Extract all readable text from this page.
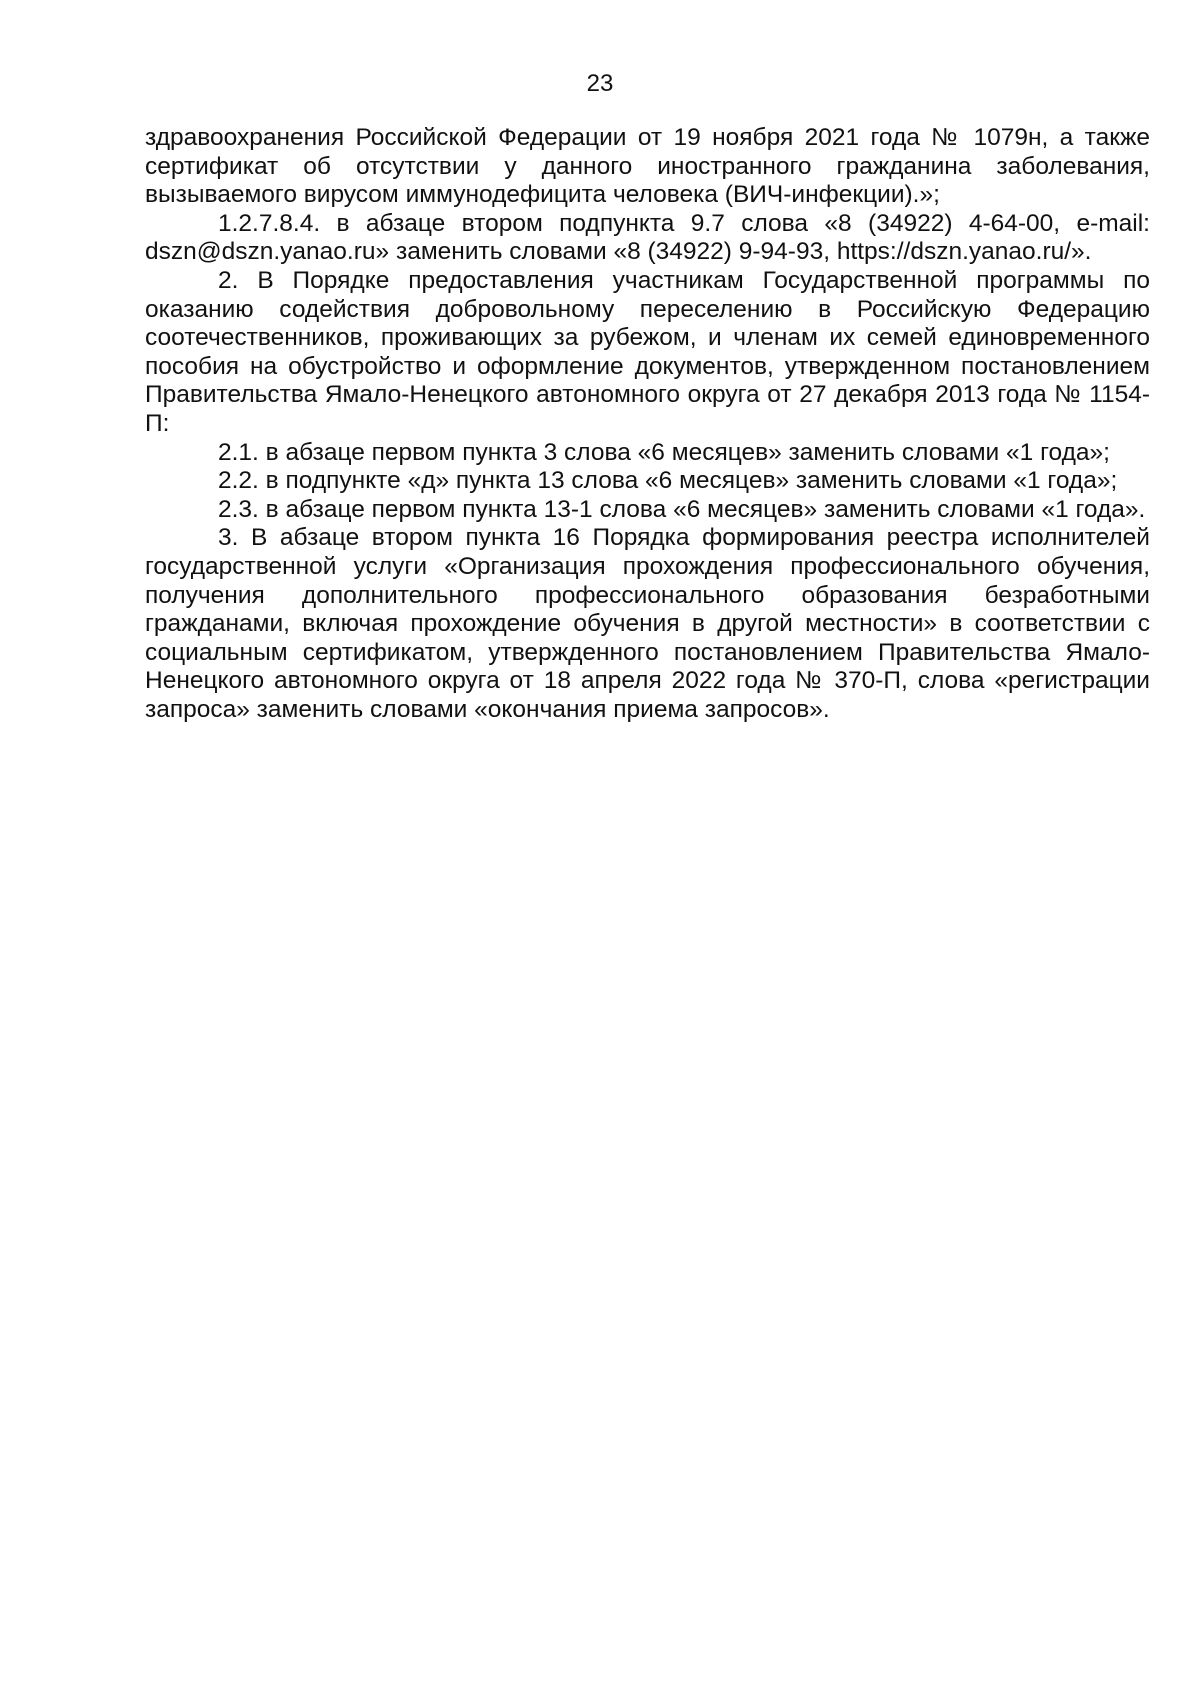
23

здравоохранения Российской Федерации от 19 ноября 2021 года № 1079н, а также сертификат об отсутствии у данного иностранного гражданина заболевания, вызываемого вирусом иммунодефицита человека (ВИЧ-инфекции).»;

1.2.7.8.4. в абзаце втором подпункта 9.7 слова «8 (34922) 4-64-00, e-mail: dszn@dszn.yanao.ru» заменить словами «8 (34922) 9-94-93, https://dszn.yanao.ru/».

2. В Порядке предоставления участникам Государственной программы по оказанию содействия добровольному переселению в Российскую Федерацию соотечественников, проживающих за рубежом, и членам их семей единовременного пособия на обустройство и оформление документов, утвержденном постановлением Правительства Ямало-Ненецкого автономного округа от 27 декабря 2013 года № 1154-П:

2.1. в абзаце первом пункта 3 слова «6 месяцев» заменить словами «1 года»;

2.2. в подпункте «д» пункта 13 слова «6 месяцев» заменить словами «1 года»;

2.3. в абзаце первом пункта 13-1 слова «6 месяцев» заменить словами «1 года».

3. В абзаце втором пункта 16 Порядка формирования реестра исполнителей государственной услуги «Организация прохождения профессионального обучения, получения дополнительного профессионального образования безработными гражданами, включая прохождение обучения в другой местности» в соответствии с социальным сертификатом, утвержденного постановлением Правительства Ямало-Ненецкого автономного округа от 18 апреля 2022 года № 370-П, слова «регистрации запроса» заменить словами «окончания приема запросов».
